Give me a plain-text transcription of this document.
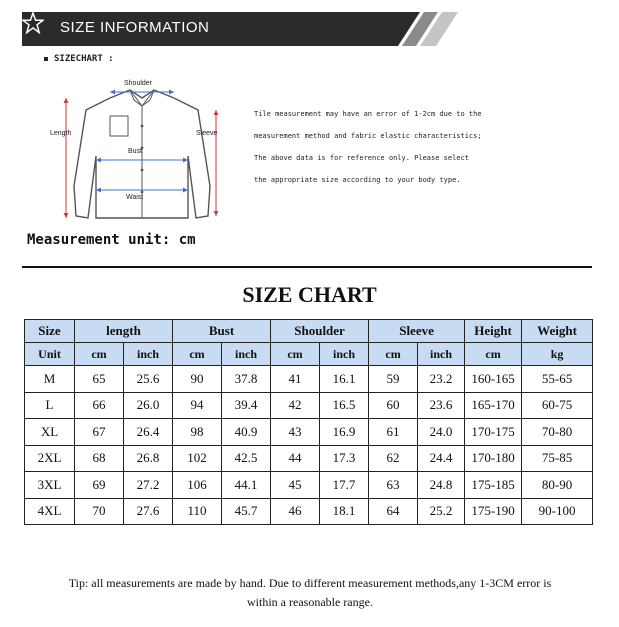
SIZE INFORMATION
SIZECHART :
Shoulder
Length	Sleeve
Bust
Waist
Tile measurement may have an error of 1-2cm due to the
measurement method and fabric elastic characteristics;
The above data is for reference only. Please select
the appropriate size according to your body type.
Measurement unit: cm
SIZE CHART
Size	length		Bust		Shoulder		Sleeve		Height	Weight
Unit	cm	inch	cm	inch	cm	inch	cm	inch	cm	kg
M	65	25.6	90	37.8	41	16.1	59	23.2	160-165	55-65
L	66	26.0	94	39.4	42	16.5	60	23.6	165-170	60-75
XL	67	26.4	98	40.9	43	16.9	61	24.0	170-175	70-80
2XL	68	26.8	102	42.5	44	17.3	62	24.4	170-180	75-85
3XL	69	27.2	106	44.1	45	17.7	63	24.8	175-185	80-90
4XL	70	27.6	110	45.7	46	18.1	64	25.2	175-190	90-100
Tip: all measurements are made by hand. Due to different measurement methods,any 1-3CM error is
within a reasonable range.
